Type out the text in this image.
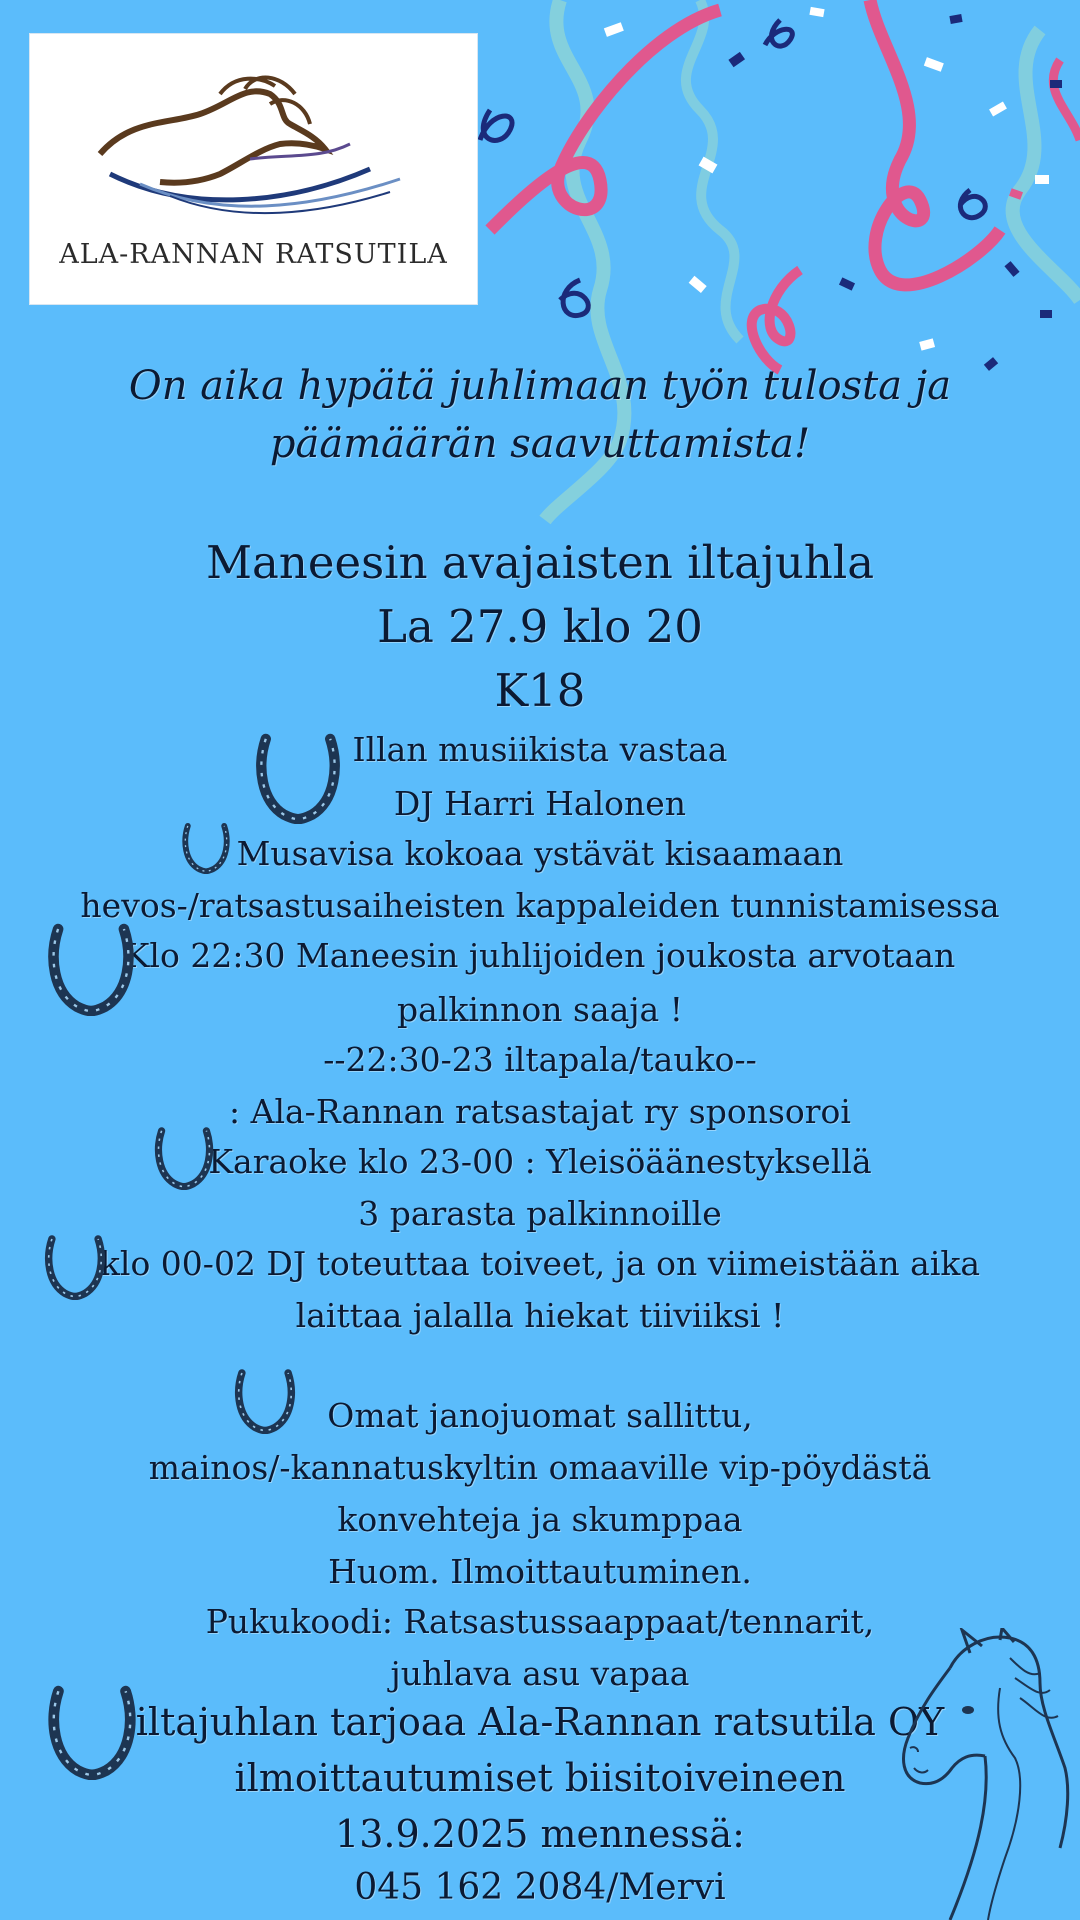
ALA-RANNAN RATSUTILA
On aika hypätä juhlimaan työn tulosta ja
päämäärän saavuttamista!
Maneesin avajaisten iltajuhla
La 27.9 klo 20
K18
Illan musiikista vastaa
DJ Harri Halonen
Musavisa kokoaa ystävät kisaamaan
hevos-/ratsastusaiheisten kappaleiden tunnistamisessa
Klo 22:30 Maneesin juhlijoiden joukosta arvotaan
palkinnon saaja !
--22:30-23 iltapala/tauko--
: Ala-Rannan ratsastajat ry sponsoroi
Karaoke klo 23-00 : Yleisöäänestyksellä
3 parasta palkinnoille
klo 00-02 DJ toteuttaa toiveet, ja on viimeistään aika
laittaa jalalla hiekat tiiviiksi !
Omat janojuomat sallittu,
mainos/-kannatuskyltin omaaville vip-pöydästä
konvehteja ja skumppaa
Huom. Ilmoittautuminen.
Pukukoodi: Ratsastussaappaat/tennarit,
juhlava asu vapaa
iltajuhlan tarjoaa Ala-Rannan ratsutila OY
ilmoittautumiset biisitoiveineen
13.9.2025 mennessä:
045 162 2084/Mervi
